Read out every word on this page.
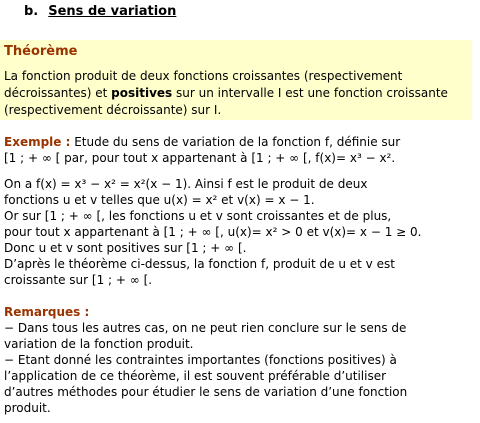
b. Sens de variation
Théorème
La fonction produit de deux fonctions croissantes (respectivement décroissantes) et positives sur un intervalle I est une fonction croissante (respectivement décroissante) sur I.
Exemple : Etude du sens de variation de la fonction f, définie sur
[1 ; + ∞ [ par, pour tout x appartenant à [1 ; + ∞ [, f(x)= x³ − x².
On a f(x) = x³ − x² = x²(x − 1). Ainsi f est le produit de deux
fonctions u et v telles que u(x) = x² et v(x) = x − 1.
Or sur [1 ; + ∞ [, les fonctions u et v sont croissantes et de plus,
pour tout x appartenant à [1 ; + ∞ [, u(x)= x² > 0 et v(x)= x − 1 ≥ 0.
Donc u et v sont positives sur [1 ; + ∞ [.
D’après le théorème ci-dessus, la fonction f, produit de u et v est
croissante sur [1 ; + ∞ [.
Remarques :
− Dans tous les autres cas, on ne peut rien conclure sur le sens de
variation de la fonction produit.
− Etant donné les contraintes importantes (fonctions positives) à
l’application de ce théorème, il est souvent préférable d’utiliser
d’autres méthodes pour étudier le sens de variation d’une fonction
produit.
